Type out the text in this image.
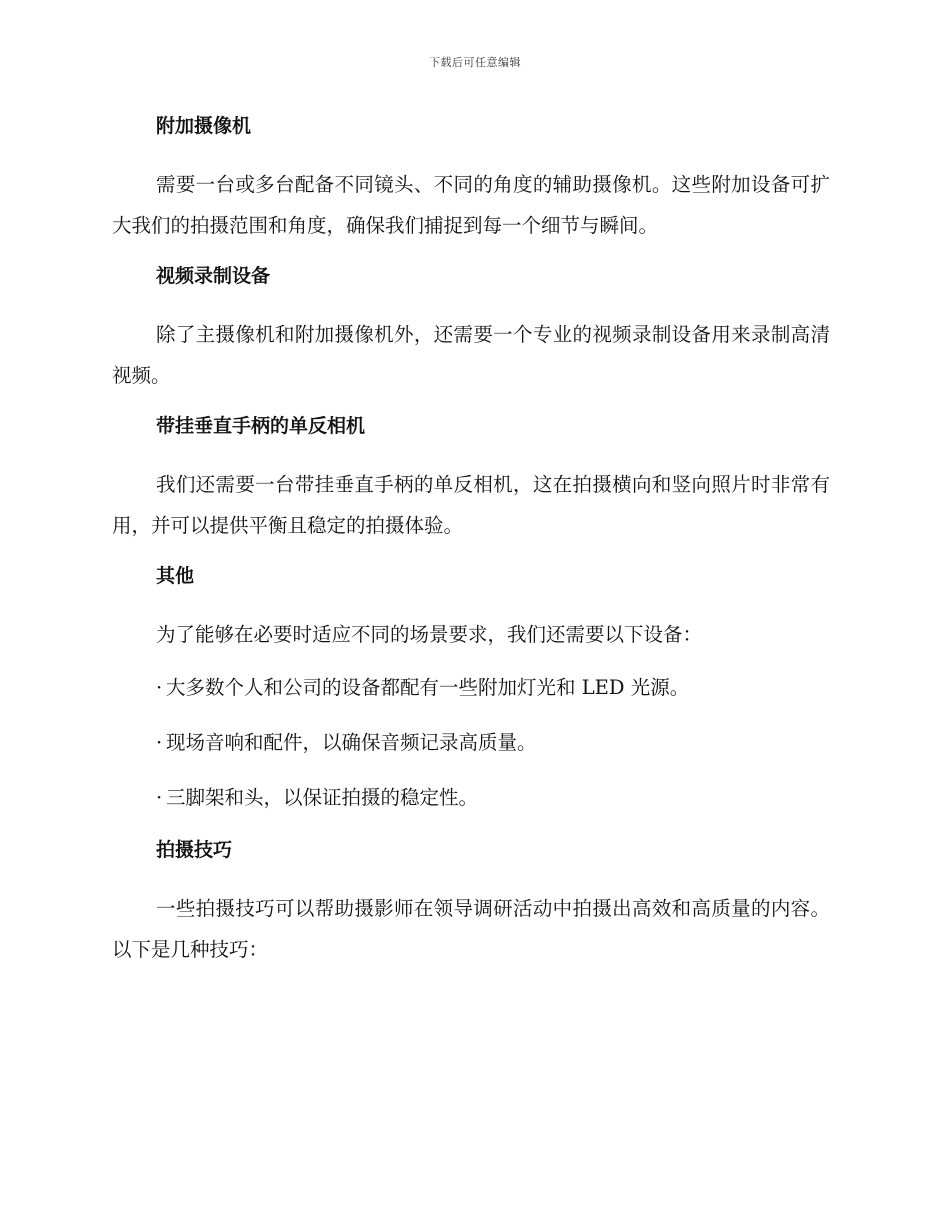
下载后可任意编辑
附加摄像机

需要一台或多台配备不同镜头、不同的角度的辅助摄像机。这些附加设备可扩大我们的拍摄范围和角度，确保我们捕捉到每一个细节与瞬间。

视频录制设备

除了主摄像机和附加摄像机外，还需要一个专业的视频录制设备用来录制高清视频。

带挂垂直手柄的单反相机

我们还需要一台带挂垂直手柄的单反相机，这在拍摄横向和竖向照片时非常有用，并可以提供平衡且稳定的拍摄体验。

其他

为了能够在必要时适应不同的场景要求，我们还需要以下设备：

· 大多数个人和公司的设备都配有一些附加灯光和 LED 光源。
· 现场音响和配件，以确保音频记录高质量。
· 三脚架和头，以保证拍摄的稳定性。
拍摄技巧

一些拍摄技巧可以帮助摄影师在领导调研活动中拍摄出高效和高质量的内容。以下是几种技巧：
